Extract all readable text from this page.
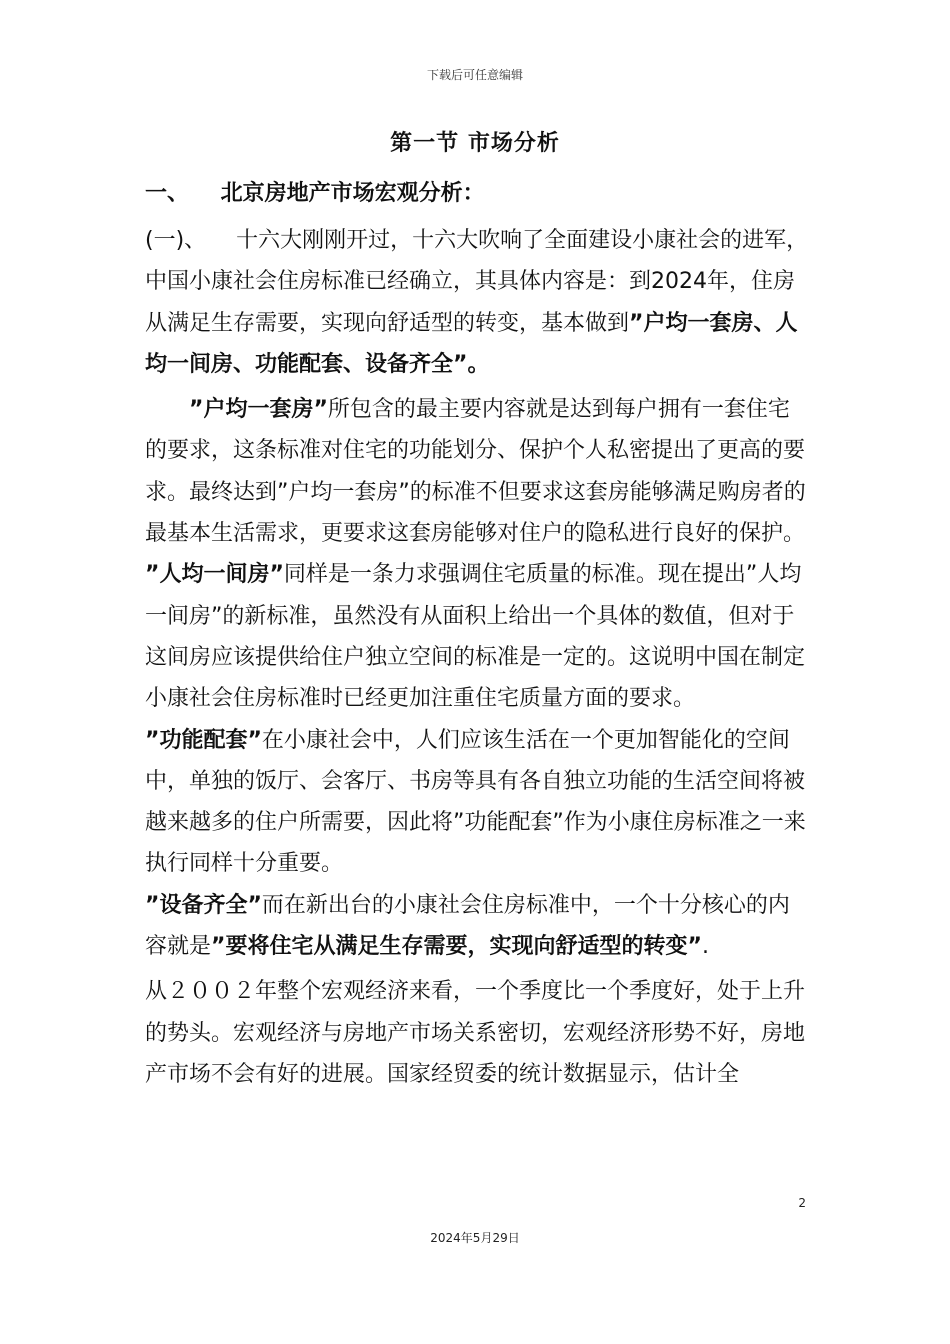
下载后可任意编辑
第一节 市场分析
一、 北京房地产市场宏观分析：

(一)、 十六大刚刚开过，十六大吹响了全面建设小康社会的进军，中国小康社会住房标准已经确立，其具体内容是：到2024年，住房从满足生存需要，实现向舒适型的转变，基本做到”户均一套房、人均一间房、功能配套、设备齐全”。

”户均一套房”所包含的最主要内容就是达到每户拥有一套住宅的要求，这条标准对住宅的功能划分、保护个人私密提出了更高的要求。最终达到”户均一套房”的标准不但要求这套房能够满足购房者的最基本生活需求，更要求这套房能够对住户的隐私进行良好的保护。

”人均一间房”同样是一条力求强调住宅质量的标准。现在提出”人均一间房”的新标准，虽然没有从面积上给出一个具体的数值，但对于这间房应该提供给住户独立空间的标准是一定的。这说明中国在制定小康社会住房标准时已经更加注重住宅质量方面的要求。

”功能配套”在小康社会中，人们应该生活在一个更加智能化的空间中，单独的饭厅、会客厅、书房等具有各自独立功能的生活空间将被越来越多的住户所需要，因此将”功能配套”作为小康住房标准之一来执行同样十分重要。

”设备齐全”而在新出台的小康社会住房标准中，一个十分核心的内容就是”要将住宅从满足生存需要，实现向舒适型的转变”.

从２００２年整个宏观经济来看，一个季度比一个季度好，处于上升的势头。宏观经济与房地产市场关系密切，宏观经济形势不好，房地产市场不会有好的进展。国家经贸委的统计数据显示，估计全

2
2024年5月29日
